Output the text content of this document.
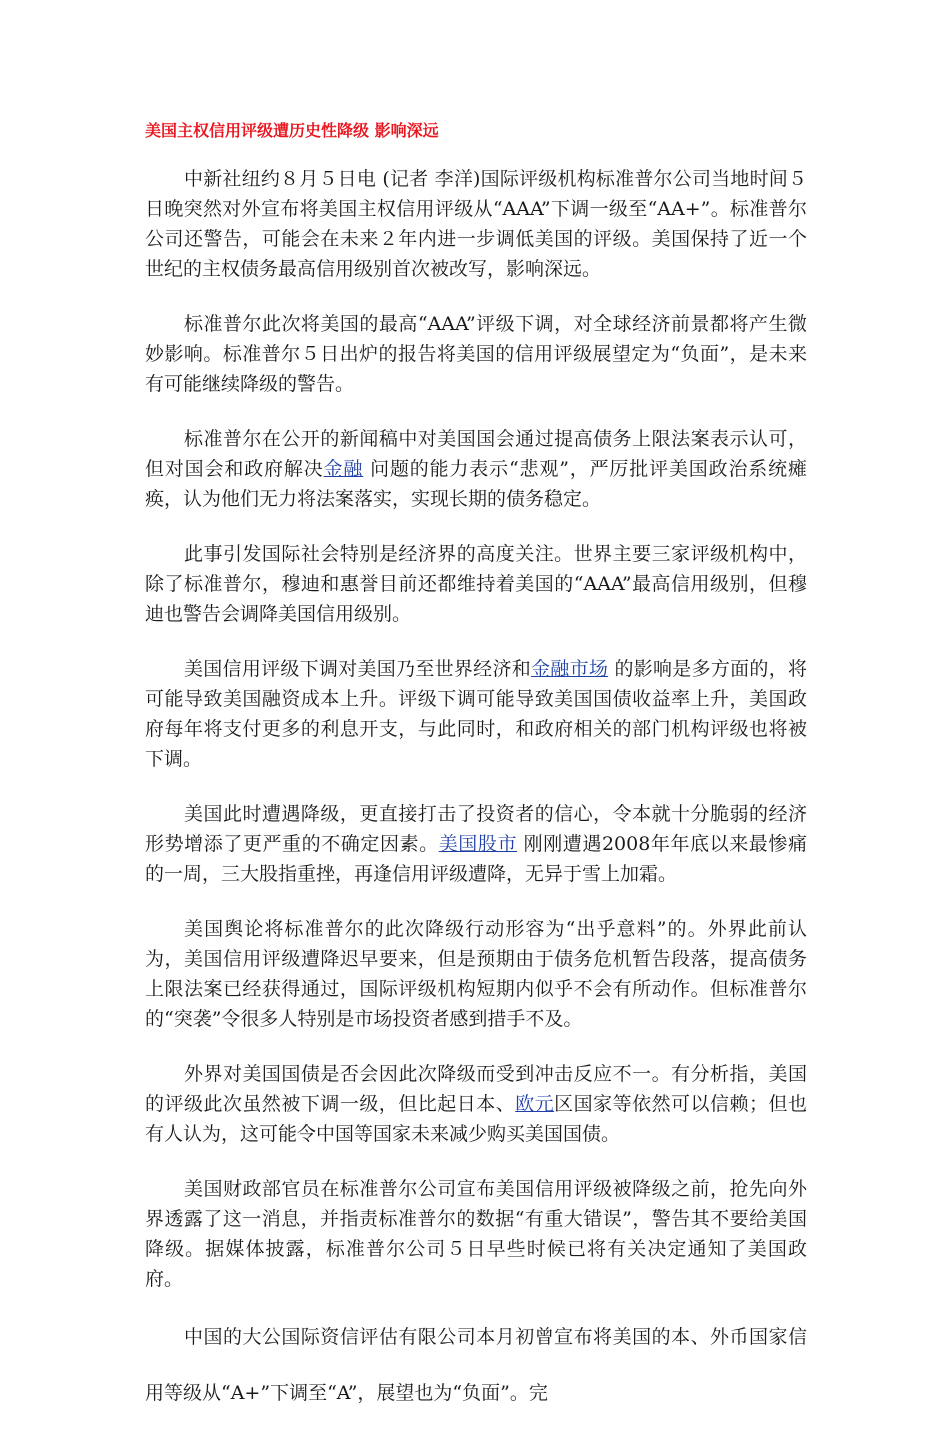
美国主权信用评级遭历史性降级 影响深远

中新社纽约８月５日电 (记者 李洋)国际评级机构标准普尔公司当地时间５日晚突然对外宣布将美国主权信用评级从“AAA”下调一级至“AA+”。标准普尔公司还警告，可能会在未来２年内进一步调低美国的评级。美国保持了近一个世纪的主权债务最高信用级别首次被改写，影响深远。

标准普尔此次将美国的最高“AAA”评级下调，对全球经济前景都将产生微妙影响。标准普尔５日出炉的报告将美国的信用评级展望定为“负面”，是未来有可能继续降级的警告。

标准普尔在公开的新闻稿中对美国国会通过提高债务上限法案表示认可，但对国会和政府解决金融 问题的能力表示“悲观”，严厉批评美国政治系统瘫痪，认为他们无力将法案落实，实现长期的债务稳定。

此事引发国际社会特别是经济界的高度关注。世界主要三家评级机构中，除了标准普尔，穆迪和惠誉目前还都维持着美国的“AAA”最高信用级别，但穆迪也警告会调降美国信用级别。

美国信用评级下调对美国乃至世界经济和金融市场 的影响是多方面的，将可能导致美国融资成本上升。评级下调可能导致美国国债收益率上升，美国政府每年将支付更多的利息开支，与此同时，和政府相关的部门机构评级也将被下调。

美国此时遭遇降级，更直接打击了投资者的信心，令本就十分脆弱的经济形势增添了更严重的不确定因素。美国股市 刚刚遭遇2008年年底以来最惨痛的一周，三大股指重挫，再逢信用评级遭降，无异于雪上加霜。

美国舆论将标准普尔的此次降级行动形容为“出乎意料”的。外界此前认为，美国信用评级遭降迟早要来，但是预期由于债务危机暂告段落，提高债务上限法案已经获得通过，国际评级机构短期内似乎不会有所动作。但标准普尔的“突袭”令很多人特别是市场投资者感到措手不及。

外界对美国国债是否会因此次降级而受到冲击反应不一。有分析指，美国的评级此次虽然被下调一级，但比起日本、欧元区国家等依然可以信赖；但也有人认为，这可能令中国等国家未来减少购买美国国债。

美国财政部官员在标准普尔公司宣布美国信用评级被降级之前，抢先向外界透露了这一消息，并指责标准普尔的数据“有重大错误”，警告其不要给美国降级。据媒体披露，标准普尔公司５日早些时候已将有关决定通知了美国政府。

中国的大公国际资信评估有限公司本月初曾宣布将美国的本、外币国家信用等级从“A+”下调至“A”，展望也为“负面”。完
